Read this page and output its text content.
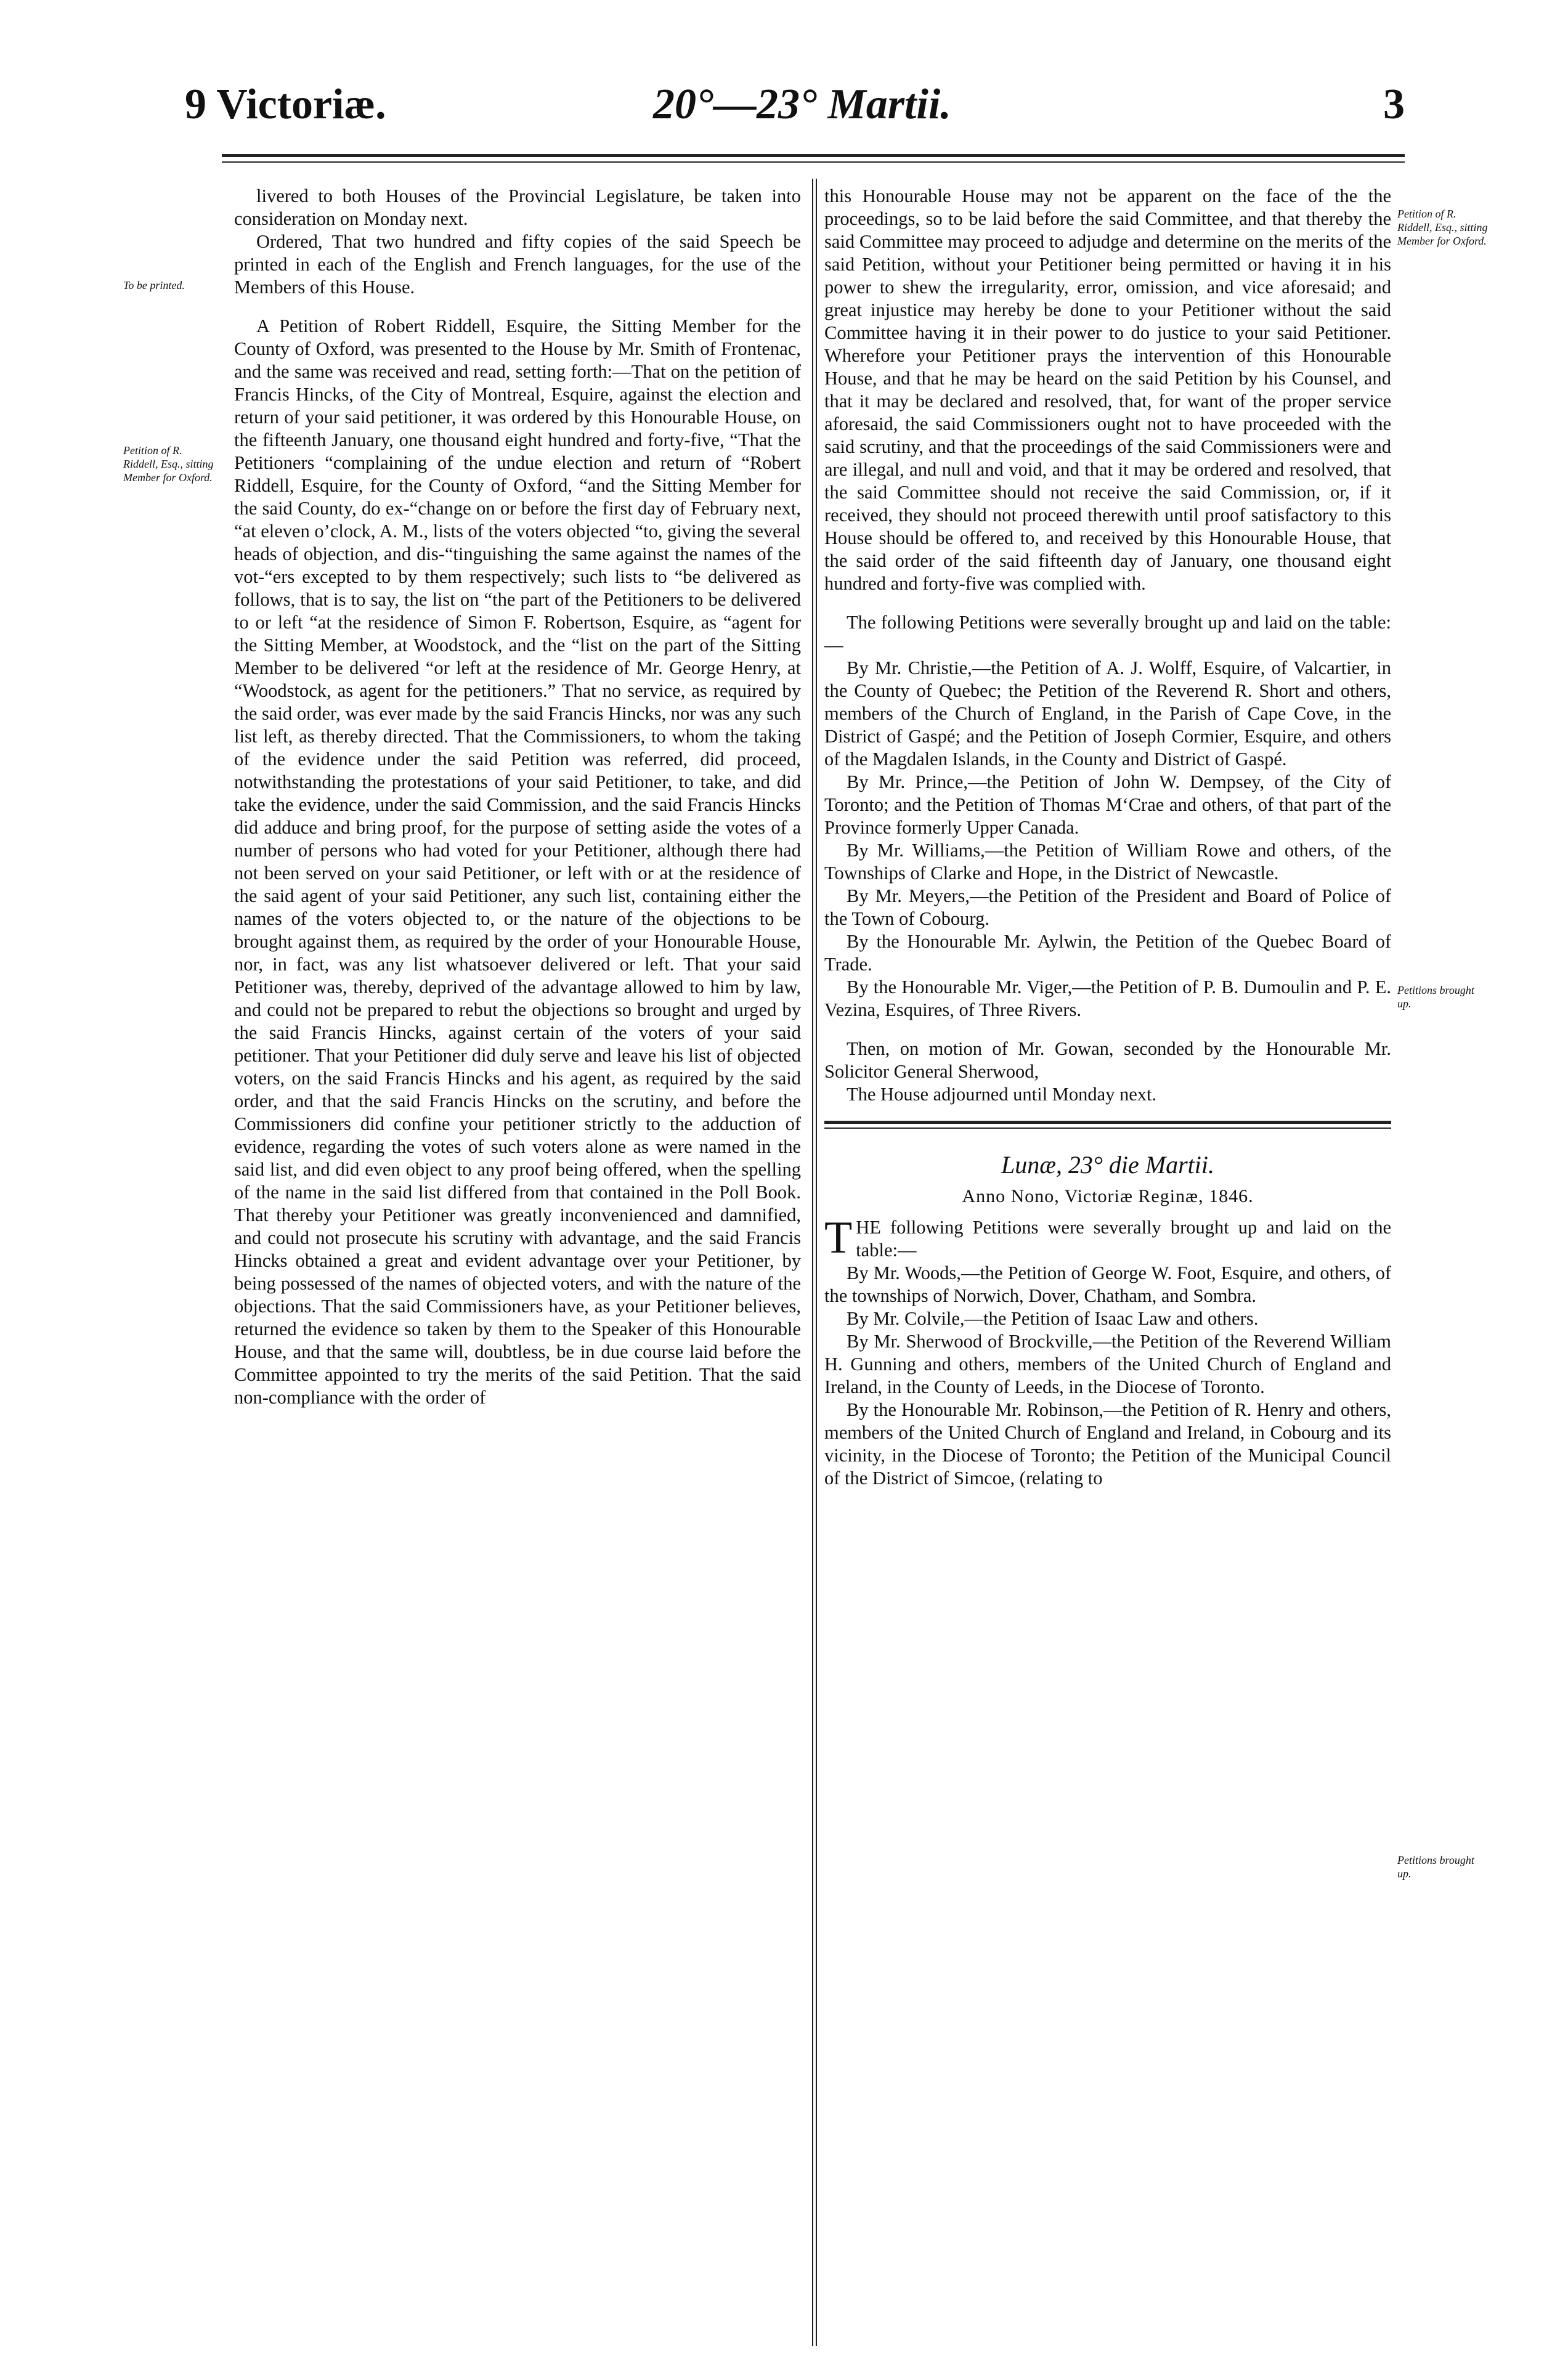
9 Victoriæ.	20°—23° Martii.	3
To be printed.
Petition of R. Riddell, Esq., sitting Member for Oxford.
Petition of R. Riddell, Esq., sitting Member for Oxford.
Petitions brought up.
Petitions brought up.

livered to both Houses of the Provincial Legislature, be taken into consideration on Monday next.

Ordered, That two hundred and fifty copies of the said Speech be printed in each of the English and French languages, for the use of the Members of this House.

A Petition of Robert Riddell, Esquire, the Sitting Member for the County of Oxford, was presented to the House by Mr. Smith of Frontenac, and the same was received and read, setting forth:—That on the petition of Francis Hincks, of the City of Montreal, Esquire, against the election and return of your said petitioner, it was ordered by this Honourable House, on the fifteenth January, one thousand eight hundred and forty-five, “That the Petitioners “complaining of the undue election and return of “Robert Riddell, Esquire, for the County of Oxford, “and the Sitting Member for the said County, do ex-“change on or before the first day of February next, “at eleven o’clock, A. M., lists of the voters objected “to, giving the several heads of objection, and dis-“tinguishing the same against the names of the vot-“ers excepted to by them respectively; such lists to “be delivered as follows, that is to say, the list on “the part of the Petitioners to be delivered to or left “at the residence of Simon F. Robertson, Esquire, as “agent for the Sitting Member, at Woodstock, and the “list on the part of the Sitting Member to be delivered “or left at the residence of Mr. George Henry, at “Woodstock, as agent for the petitioners.” That no service, as required by the said order, was ever made by the said Francis Hincks, nor was any such list left, as thereby directed. That the Commissioners, to whom the taking of the evidence under the said Petition was referred, did proceed, notwithstanding the protestations of your said Petitioner, to take, and did take the evidence, under the said Commission, and the said Francis Hincks did adduce and bring proof, for the purpose of setting aside the votes of a number of persons who had voted for your Petitioner, although there had not been served on your said Petitioner, or left with or at the residence of the said agent of your said Petitioner, any such list, containing either the names of the voters objected to, or the nature of the objections to be brought against them, as required by the order of your Honourable House, nor, in fact, was any list whatsoever delivered or left. That your said Petitioner was, thereby, deprived of the advantage allowed to him by law, and could not be prepared to rebut the objections so brought and urged by the said Francis Hincks, against certain of the voters of your said petitioner. That your Petitioner did duly serve and leave his list of objected voters, on the said Francis Hincks and his agent, as required by the said order, and that the said Francis Hincks on the scrutiny, and before the Commissioners did confine your petitioner strictly to the adduction of evidence, regarding the votes of such voters alone as were named in the said list, and did even object to any proof being offered, when the spelling of the name in the said list differed from that contained in the Poll Book. That thereby your Petitioner was greatly inconvenienced and damnified, and could not prosecute his scrutiny with advantage, and the said Francis Hincks obtained a great and evident advantage over your Petitioner, by being possessed of the names of objected voters, and with the nature of the objections. That the said Commissioners have, as your Petitioner believes, returned the evidence so taken by them to the Speaker of this Honourable House, and that the same will, doubtless, be in due course laid before the Committee appointed to try the merits of the said Petition. That the said non-compliance with the order of

this Honourable House may not be apparent on the face of the the proceedings, so to be laid before the said Committee, and that thereby the said Committee may proceed to adjudge and determine on the merits of the said Petition, without your Petitioner being permitted or having it in his power to shew the irregularity, error, omission, and vice aforesaid; and great injustice may hereby be done to your Petitioner without the said Committee having it in their power to do justice to your said Petitioner. Wherefore your Petitioner prays the intervention of this Honourable House, and that he may be heard on the said Petition by his Counsel, and that it may be declared and resolved, that, for want of the proper service aforesaid, the said Commissioners ought not to have proceeded with the said scrutiny, and that the proceedings of the said Commissioners were and are illegal, and null and void, and that it may be ordered and resolved, that the said Committee should not receive the said Commission, or, if it received, they should not proceed therewith until proof satisfactory to this House should be offered to, and received by this Honourable House, that the said order of the said fifteenth day of January, one thousand eight hundred and forty-five was complied with.

The following Petitions were severally brought up and laid on the table:—

By Mr. Christie,—the Petition of A. J. Wolff, Esquire, of Valcartier, in the County of Quebec; the Petition of the Reverend R. Short and others, members of the Church of England, in the Parish of Cape Cove, in the District of Gaspé; and the Petition of Joseph Cormier, Esquire, and others of the Magdalen Islands, in the County and District of Gaspé.

By Mr. Prince,—the Petition of John W. Dempsey, of the City of Toronto; and the Petition of Thomas M‘Crae and others, of that part of the Province formerly Upper Canada.

By Mr. Williams,—the Petition of William Rowe and others, of the Townships of Clarke and Hope, in the District of Newcastle.

By Mr. Meyers,—the Petition of the President and Board of Police of the Town of Cobourg.

By the Honourable Mr. Aylwin, the Petition of the Quebec Board of Trade.

By the Honourable Mr. Viger,—the Petition of P. B. Dumoulin and P. E. Vezina, Esquires, of Three Rivers.

Then, on motion of Mr. Gowan, seconded by the Honourable Mr. Solicitor General Sherwood,

The House adjourned until Monday next.

Lunæ, 23° die Martii.
Anno Nono, Victoriæ Reginæ, 1846.

THE following Petitions were severally brought up and laid on the table:—

By Mr. Woods,—the Petition of George W. Foot, Esquire, and others, of the townships of Norwich, Dover, Chatham, and Sombra.

By Mr. Colvile,—the Petition of Isaac Law and others.

By Mr. Sherwood of Brockville,—the Petition of the Reverend William H. Gunning and others, members of the United Church of England and Ireland, in the County of Leeds, in the Diocese of Toronto.

By the Honourable Mr. Robinson,—the Petition of R. Henry and others, members of the United Church of England and Ireland, in Cobourg and its vicinity, in the Diocese of Toronto; the Petition of the Municipal Council of the District of Simcoe, (relating to
